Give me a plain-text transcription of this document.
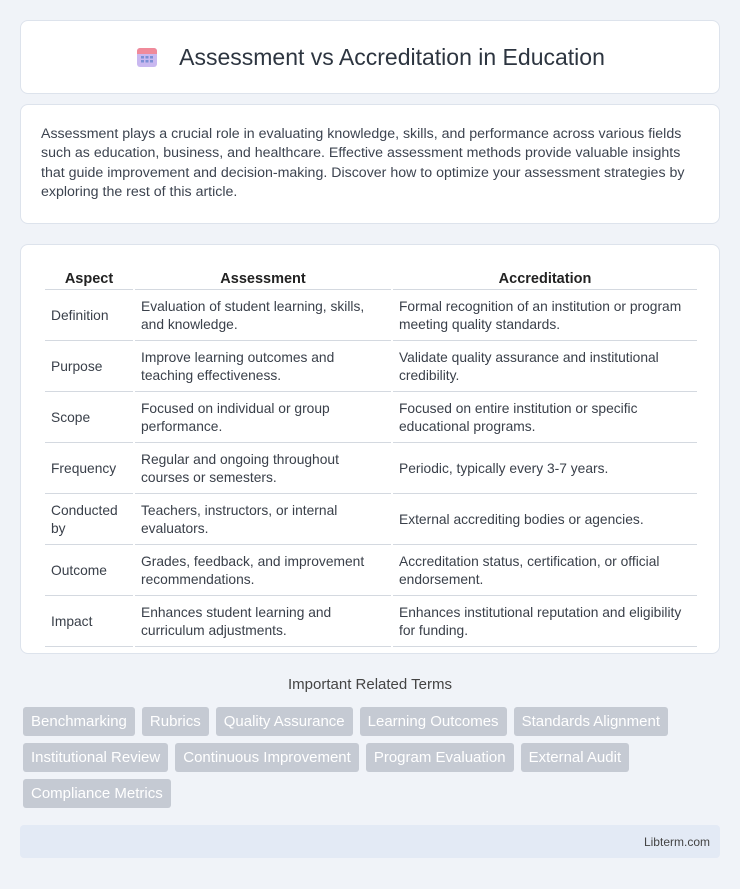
Assessment vs Accreditation in Education

Assessment plays a crucial role in evaluating knowledge, skills, and performance across various fields such as education, business, and healthcare. Effective assessment methods provide valuable insights that guide improvement and decision-making. Discover how to optimize your assessment strategies by exploring the rest of this article.

Aspect	Assessment	Accreditation
Definition	Evaluation of student learning, skills, and knowledge.	Formal recognition of an institution or program meeting quality standards.
Purpose	Improve learning outcomes and teaching effectiveness.	Validate quality assurance and institutional credibility.
Scope	Focused on individual or group performance.	Focused on entire institution or specific educational programs.
Frequency	Regular and ongoing throughout courses or semesters.	Periodic, typically every 3-7 years.
Conducted by	Teachers, instructors, or internal evaluators.	External accrediting bodies or agencies.
Outcome	Grades, feedback, and improvement recommendations.	Accreditation status, certification, or official endorsement.
Impact	Enhances student learning and curriculum adjustments.	Enhances institutional reputation and eligibility for funding.
Important Related Terms
Benchmarking	Rubrics	Quality Assurance	Learning Outcomes	Standards Alignment
Institutional Review	Continuous Improvement	Program Evaluation	External Audit
Compliance Metrics
Libterm.com
